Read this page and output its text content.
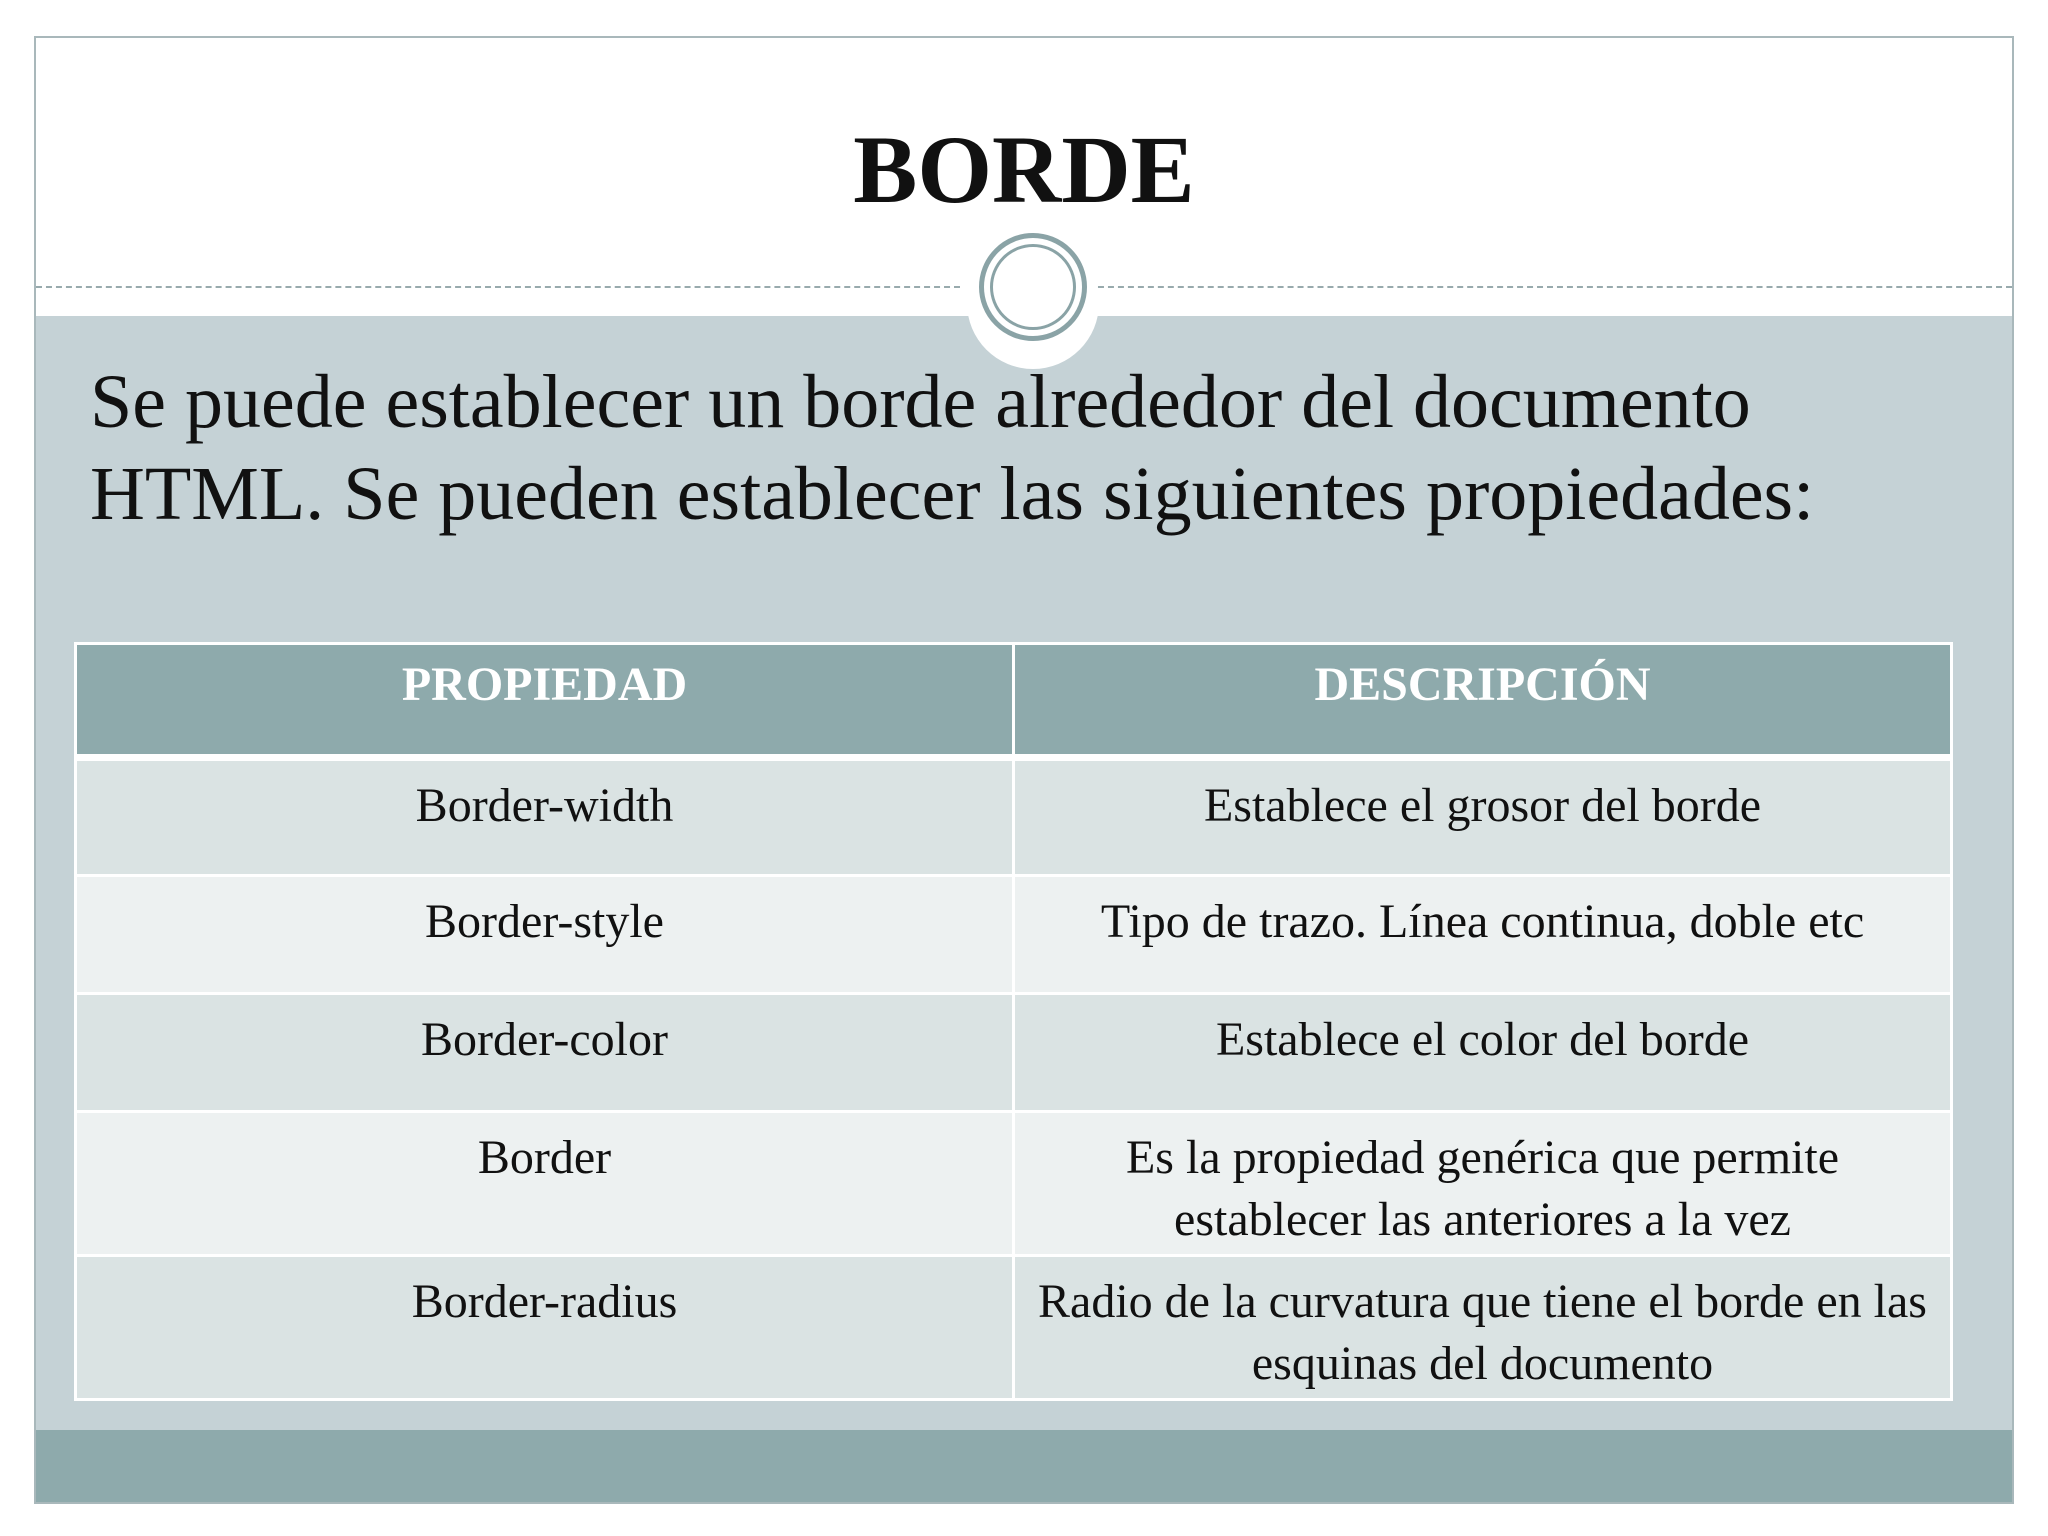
BORDE

Se puede establecer un borde alrededor del documento HTML. Se pueden establecer las siguientes propiedades:

PROPIEDAD	DESCRIPCIÓN
Border-width	Establece el grosor del borde
Border-style	Tipo de trazo. Línea continua, doble etc
Border-color	Establece el color del borde
Border	Es la propiedad genérica que permite establecer las anteriores a la vez
Border-radius	Radio de la curvatura que tiene el borde en las esquinas del documento
